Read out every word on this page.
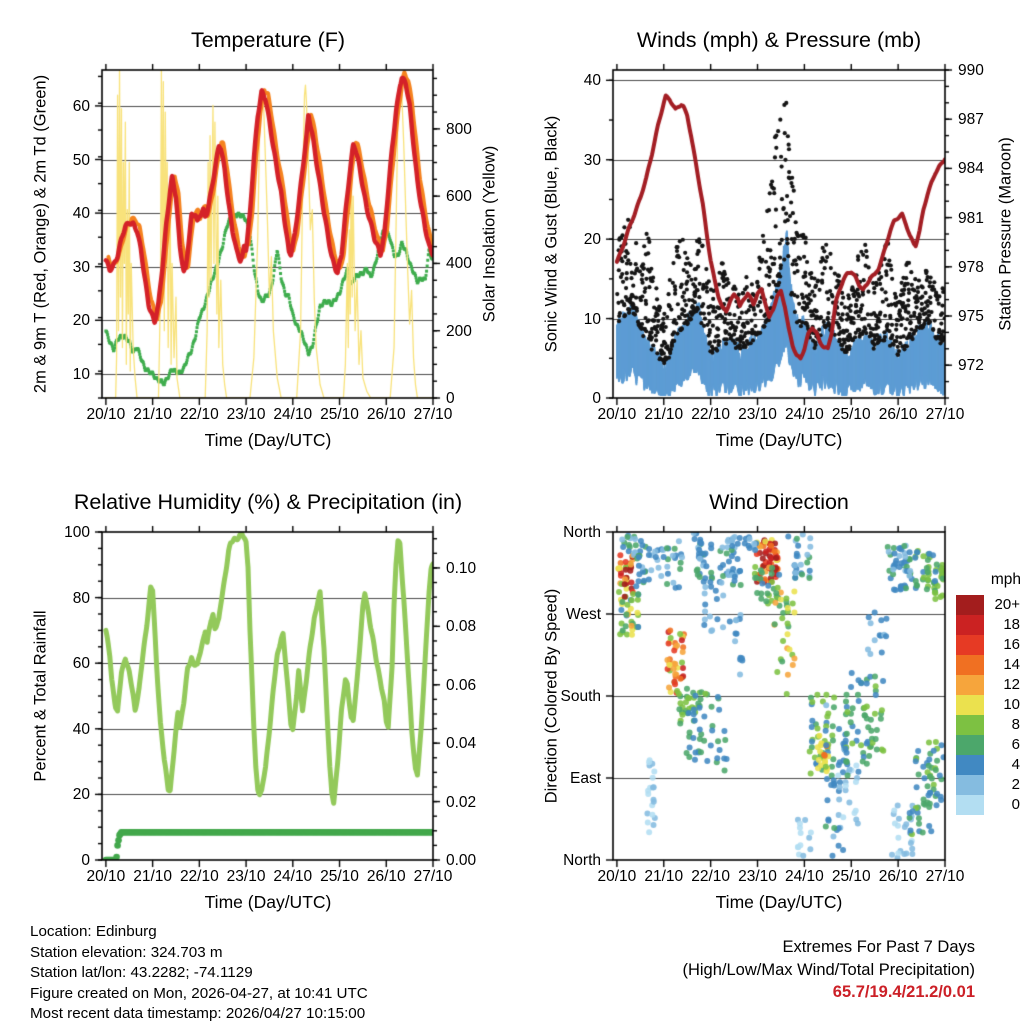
Temperature (F)	Winds (mph) & Pressure (mb)
Relative Humidity (%) & Precipitation (in)	Wind Direction
Time (Day/UTC)	Time (Day/UTC)
Time (Day/UTC)	Time (Day/UTC)
2m & 9m T (Red, Orange) & 2m Td (Green)	Solar Insolation (Yellow)	Sonic Wind & Gust (Blue, Black)	Station Pressure (Maroon)
Percent & Total Rainfall	Direction (Colored By Speed)
mph
20+
18
16
14
12
10
8
6
4
2
0
Location: Edinburg
Station elevation: 324.703 m
Station lat/lon: 43.2282; -74.1129
Figure created on Mon, 2026-04-27, at 10:41 UTC
Most recent data timestamp: 2026/04/27 10:15:00
Extremes For Past 7 Days
(High/Low/Max Wind/Total Precipitation)
65.7/19.4/21.2/0.01
10
20
30
40
50
60
0
200
400
600
800
20/10 21/10 22/10 23/10 24/10 25/10 26/10 27/10
0
10
20
30
40
972
975
978
981
984
987
990
20/10 21/10 22/10 23/10 24/10 25/10 26/10 27/10
0
20
40
60
80
100
0.00
0.02
0.04
0.06
0.08
0.10
20/10 21/10 22/10 23/10 24/10 25/10 26/10 27/10
North
West
South
East
North
20/10 21/10 22/10 23/10 24/10 25/10 26/10 27/10
